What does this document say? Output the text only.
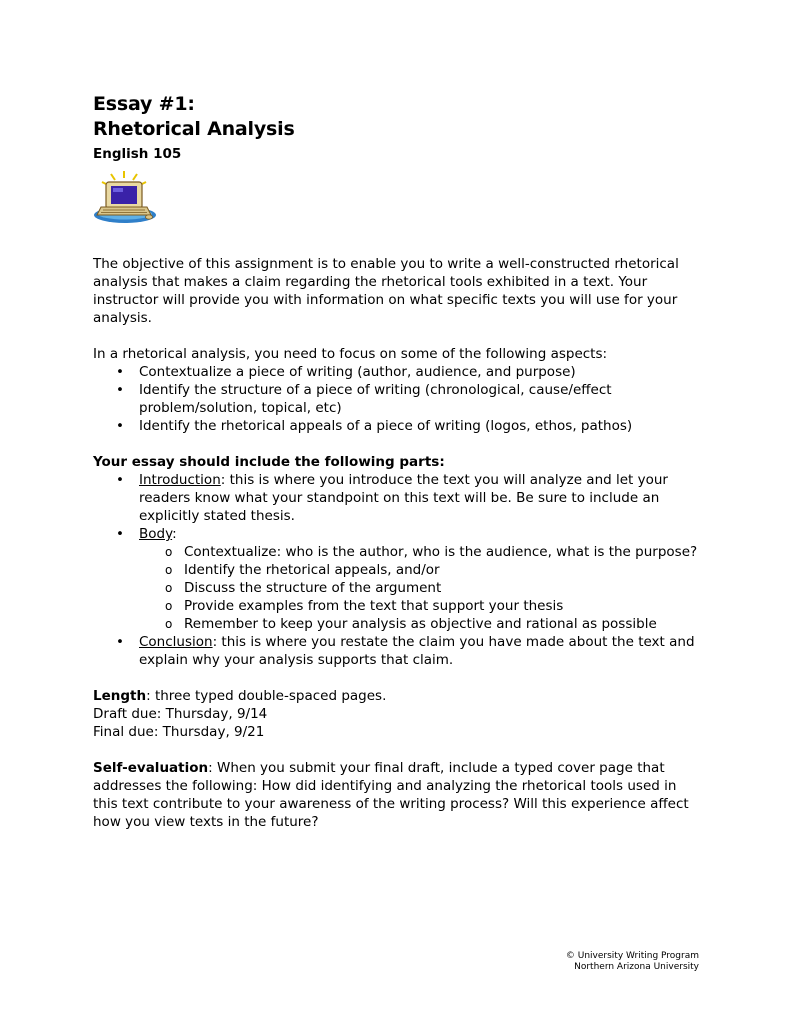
Essay #1:
Rhetorical Analysis
English 105

The objective of this assignment is to enable you to write a well-constructed rhetorical analysis that makes a claim regarding the rhetorical tools exhibited in a text. Your instructor will provide you with information on what specific texts you will use for your analysis.

In a rhetorical analysis, you need to focus on some of the following aspects:

• Contextualize a piece of writing (author, audience, and purpose)
• Identify the structure of a piece of writing (chronological, cause/effect problem/solution, topical, etc)
• Identify the rhetorical appeals of a piece of writing (logos, ethos, pathos)

Your essay should include the following parts:

• Introduction: this is where you introduce the text you will analyze and let your readers know what your standpoint on this text will be. Be sure to include an explicitly stated thesis.
• Body:
o Contextualize: who is the author, who is the audience, what is the purpose?
o Identify the rhetorical appeals, and/or
o Discuss the structure of the argument
o Provide examples from the text that support your thesis
o Remember to keep your analysis as objective and rational as possible
• Conclusion: this is where you restate the claim you have made about the text and explain why your analysis supports that claim.

Length: three typed double-spaced pages.

Draft due: Thursday, 9/14

Final due: Thursday, 9/21

Self-evaluation: When you submit your final draft, include a typed cover page that addresses the following: How did identifying and analyzing the rhetorical tools used in this text contribute to your awareness of the writing process? Will this experience affect how you view texts in the future?

© University Writing Program
Northern Arizona University
